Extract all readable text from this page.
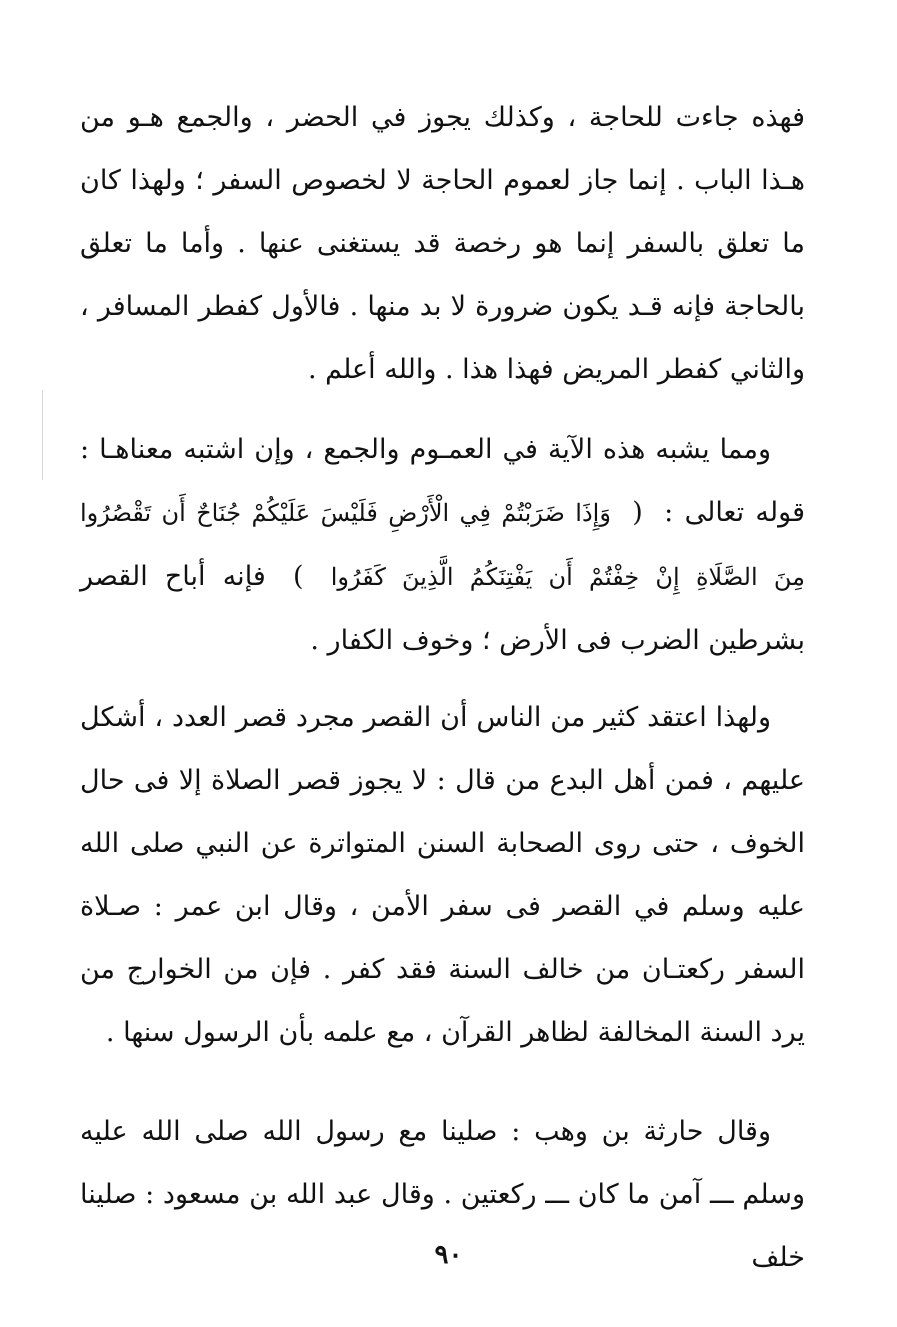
فهذه جاءت للحاجة ، وكذلك يجوز في الحضر ، والجمع هـو من هـذا الباب . إنما جاز لعموم الحاجة لا لخصوص السفر ؛ ولهذا كان ما تعلق بالسفر إنما هو رخصة قد يستغنى عنها . وأما ما تعلق بالحاجة فإنه قـد يكون ضرورة لا بد منها . فالأول كفطر المسافر ، والثاني كفطر المريض فهذا هذا . والله أعلم .

ومما يشبه هذه الآية في العمـوم والجمع ، وإن اشتبه معناهـا : قوله تعالى : ( وَإِذَا ضَرَبْتُمْ فِي الْأَرْضِ فَلَيْسَ عَلَيْكُمْ جُنَاحٌ أَن تَقْصُرُوا مِنَ الصَّلَاةِ إِنْ خِفْتُمْ أَن يَفْتِنَكُمُ الَّذِينَ كَفَرُوا ) فإنه أباح القصر بشرطين الضرب فى الأرض ؛ وخوف الكفار .

ولهذا اعتقد كثير من الناس أن القصر مجرد قصر العدد ، أشكل عليهم ، فمن أهل البدع من قال : لا يجوز قصر الصلاة إلا فى حال الخوف ، حتى روى الصحابة السنن المتواترة عن النبي صلى الله عليه وسلم في القصر فى سفر الأمن ، وقال ابن عمر : صـلاة السفر ركعتـان من خالف السنة فقد كفر . فإن من الخوارج من يرد السنة المخالفة لظاهر القرآن ، مع علمه بأن الرسول سنها .

وقال حارثة بن وهب : صلينا مع رسول الله صلى الله عليه وسلم ـــ آمن ما كان ـــ ركعتين . وقال عبد الله بن مسعود : صلينا خلف

٩٠
